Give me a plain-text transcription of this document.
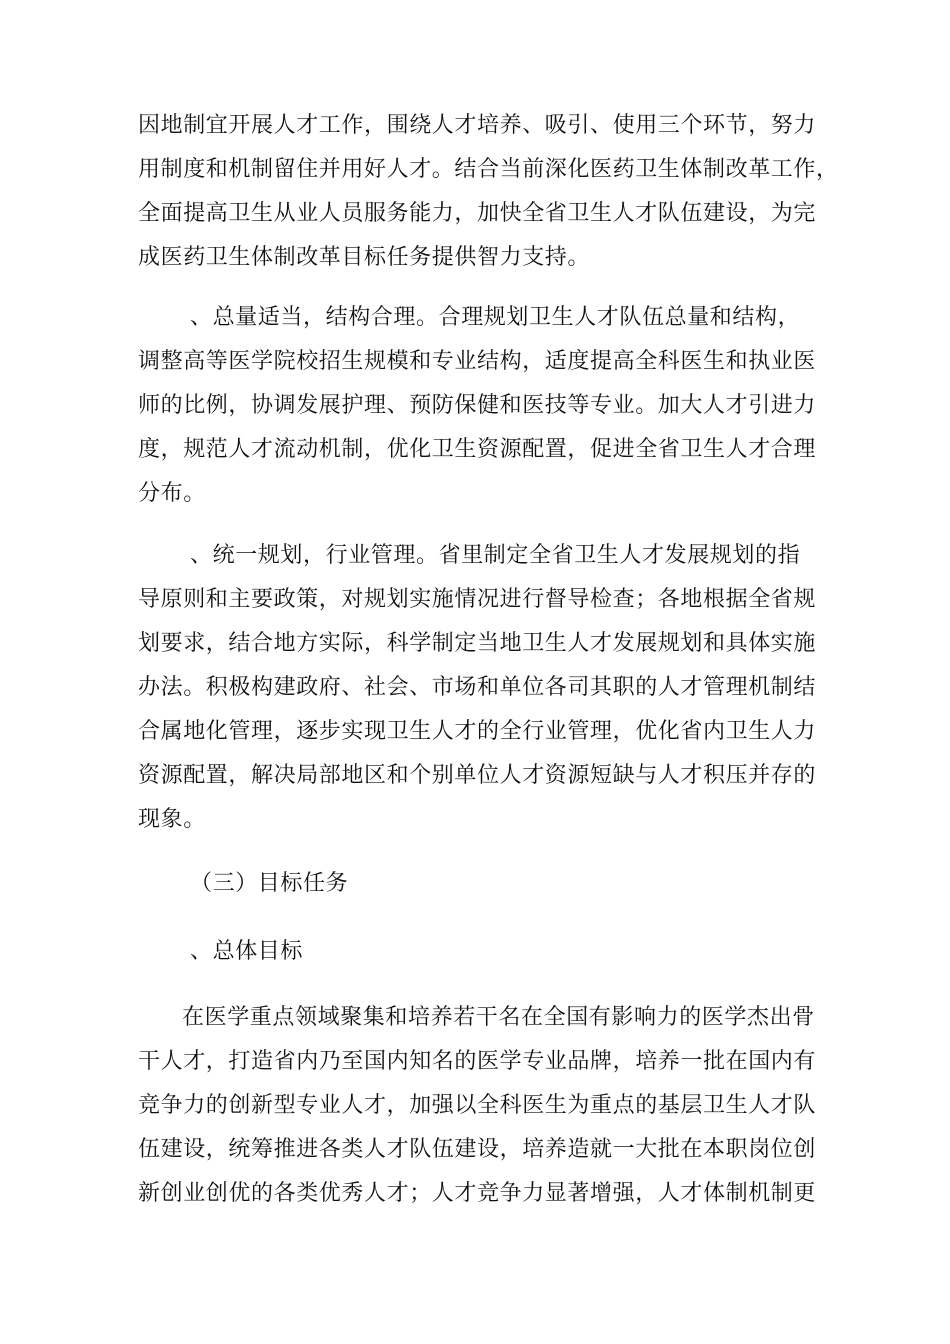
因地制宜开展人才工作，围绕人才培养、吸引、使用三个环节，努力
用制度和机制留住并用好人才。结合当前深化医药卫生体制改革工作，
全面提高卫生从业人员服务能力，加快全省卫生人才队伍建设，为完
成医药卫生体制改革目标任务提供智力支持。
、总量适当，结构合理。合理规划卫生人才队伍总量和结构，
调整高等医学院校招生规模和专业结构，适度提高全科医生和执业医
师的比例，协调发展护理、预防保健和医技等专业。加大人才引进力
度，规范人才流动机制，优化卫生资源配置，促进全省卫生人才合理
分布。
、统一规划，行业管理。省里制定全省卫生人才发展规划的指
导原则和主要政策，对规划实施情况进行督导检查；各地根据全省规
划要求，结合地方实际，科学制定当地卫生人才发展规划和具体实施
办法。积极构建政府、社会、市场和单位各司其职的人才管理机制结
合属地化管理，逐步实现卫生人才的全行业管理，优化省内卫生人力
资源配置，解决局部地区和个别单位人才资源短缺与人才积压并存的
现象。
（三）目标任务
、总体目标
在医学重点领域聚集和培养若干名在全国有影响力的医学杰出骨
干人才，打造省内乃至国内知名的医学专业品牌，培养一批在国内有
竞争力的创新型专业人才，加强以全科医生为重点的基层卫生人才队
伍建设，统筹推进各类人才队伍建设，培养造就一大批在本职岗位创
新创业创优的各类优秀人才；人才竞争力显著增强，人才体制机制更
